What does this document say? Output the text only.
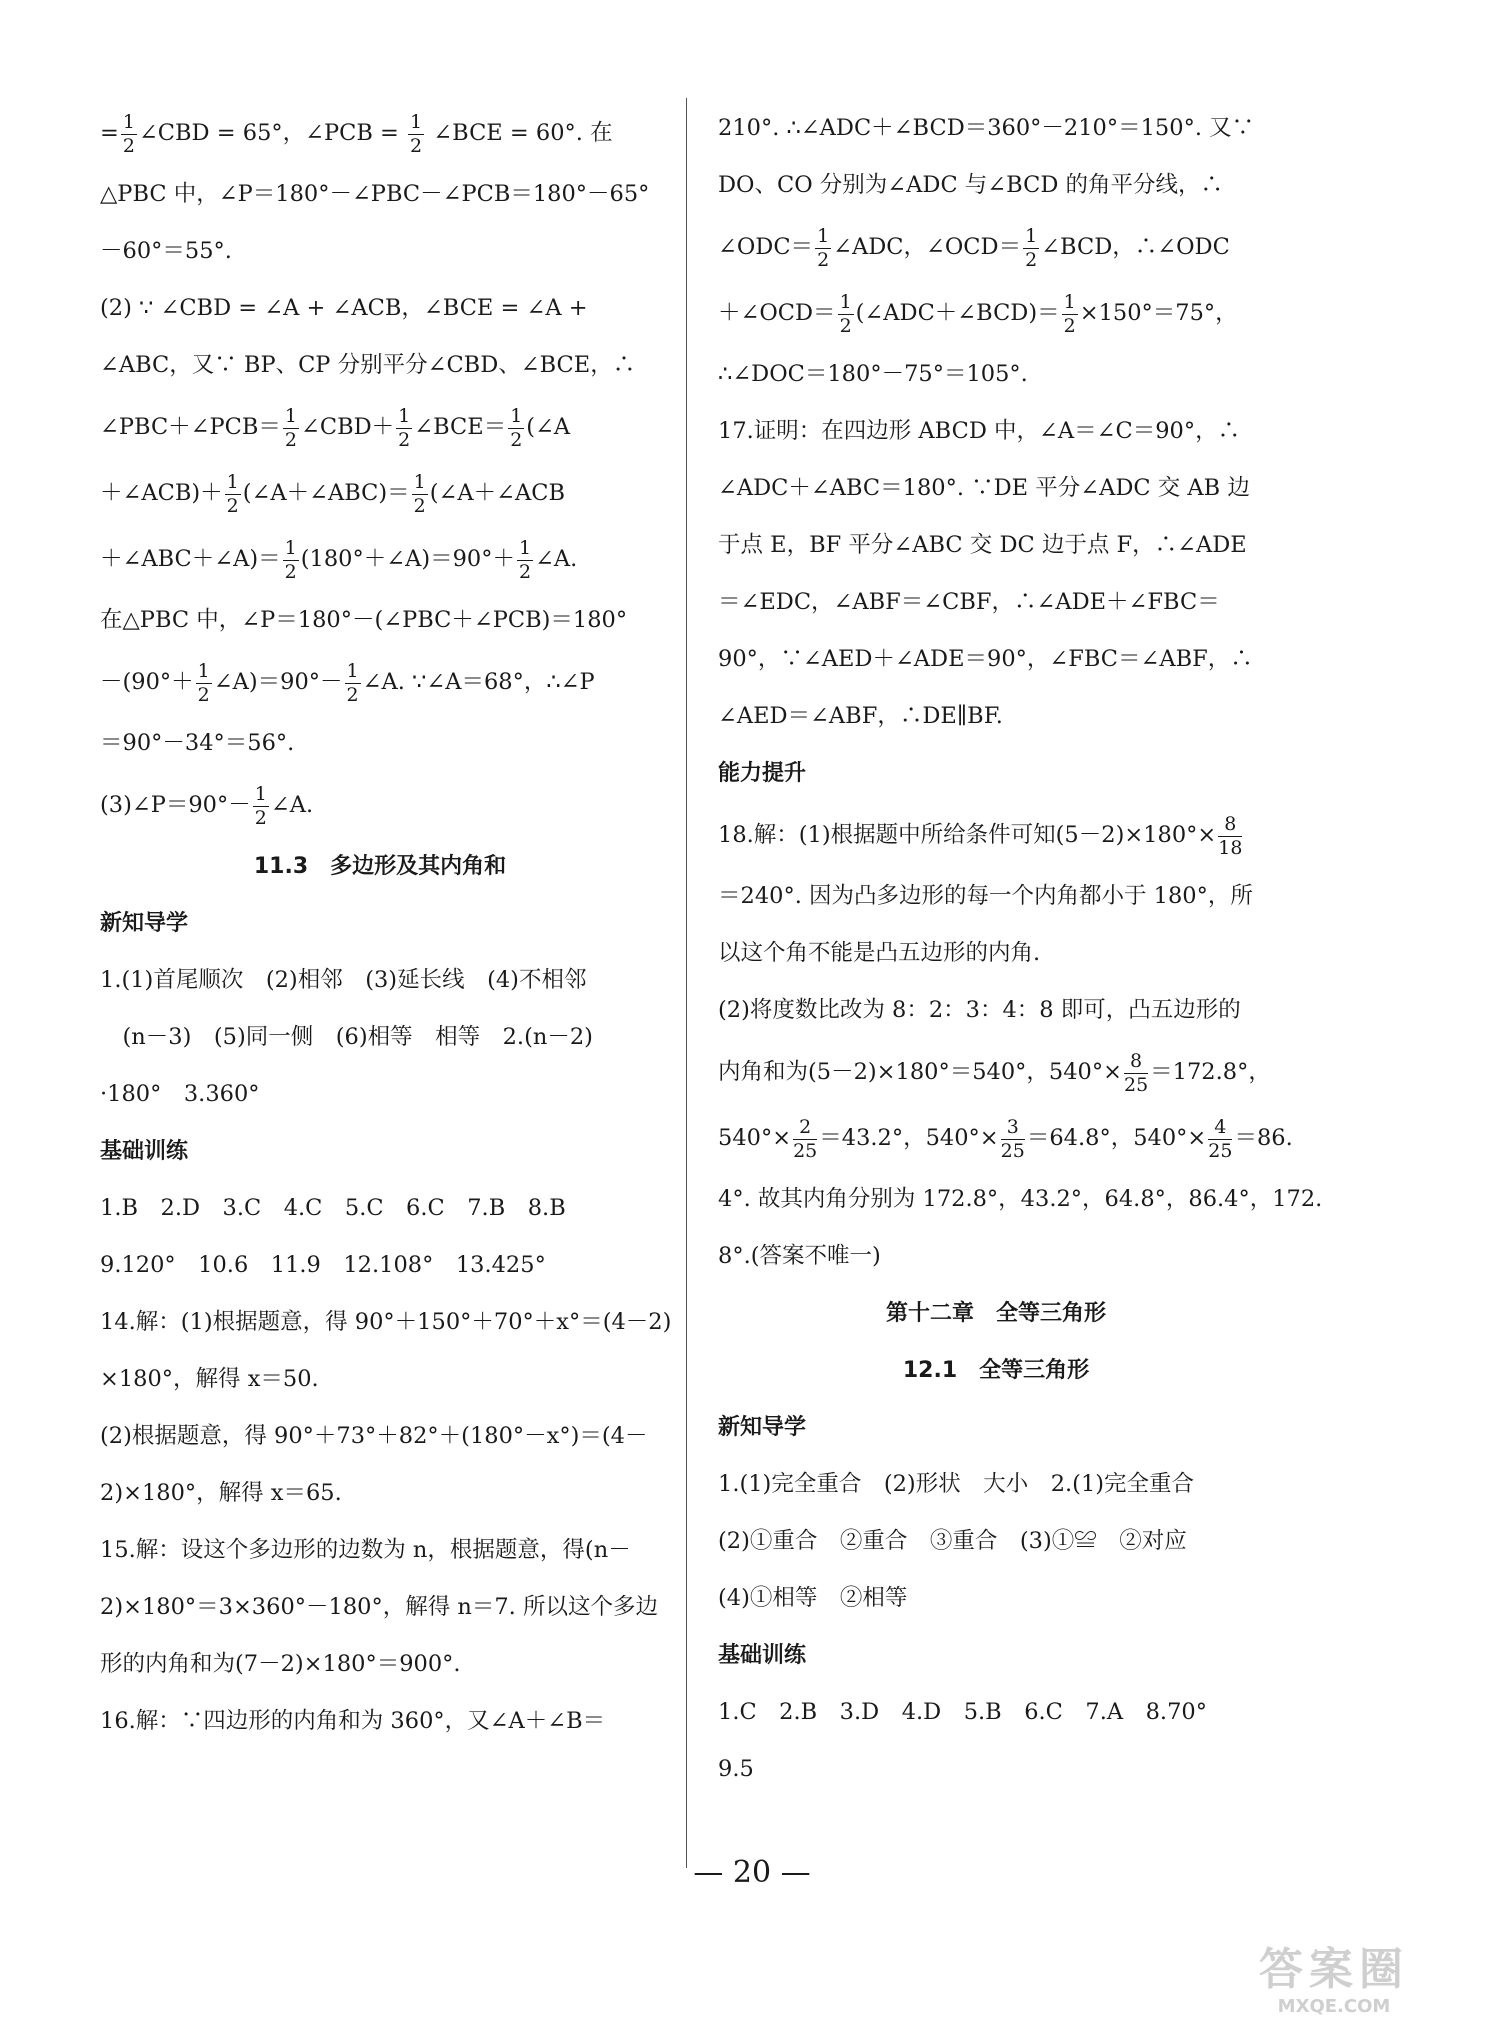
= $\frac{1}{2}$ ∠CBD = 65°，∠PCB = $\frac{1}{2}$ ∠BCE = 60°. 在
△PBC 中，∠P＝180°－∠PBC－∠PCB＝180°－65°
－60°＝55°.
(2) ∵ ∠CBD = ∠A + ∠ACB，∠BCE = ∠A +
∠ABC，又∵ BP、CP 分别平分∠CBD、∠BCE，∴
∠PBC＋∠PCB＝ $\frac{1}{2}$ ∠CBD＋ $\frac{1}{2}$ ∠BCE＝ $\frac{1}{2}$ (∠A
＋∠ACB)＋ $\frac{1}{2}$ (∠A＋∠ABC)＝ $\frac{1}{2}$ (∠A＋∠ACB
＋∠ABC＋∠A)＝ $\frac{1}{2}$ (180°＋∠A)＝90°＋ $\frac{1}{2}$ ∠A.
在△PBC 中，∠P＝180°－(∠PBC＋∠PCB)＝180°
$-(90^\circ+ \frac{1}{2}$ ∠A)＝90°－ $\frac{1}{2}$ ∠A. ∵∠A＝68°，∴∠P
＝90°－34°＝56°.
(3)∠P＝90°－ $\frac{1}{2}$ ∠A.
11.3　多边形及其内角和
新知导学
1.(1)首尾顺次　(2)相邻　(3)延长线　(4)不相邻
　(n－3)　(5)同一侧　(6)相等　相等　2.(n－2)
·180°　3.360°
基础训练
1.B　2.D　3.C　4.C　5.C　6.C　7.B　8.B
9.120°　10.6　11.9　12.108°　13.425°
14.解：(1)根据题意，得 90°＋150°＋70°＋x°＝(4－2)
×180°，解得 x＝50.
(2)根据题意，得 90°＋73°＋82°＋(180°－x°)＝(4－
2)×180°，解得 x＝65.
15.解：设这个多边形的边数为 n，根据题意，得(n－
2)×180°＝3×360°－180°，解得 n＝7. 所以这个多边
形的内角和为(7－2)×180°＝900°.
16.解：∵四边形的内角和为 360°，又∠A＋∠B＝
210°. ∴∠ADC＋∠BCD＝360°－210°＝150°. 又∵
DO、CO 分别为∠ADC 与∠BCD 的角平分线，∴
∠ODC＝ $\frac{1}{2}$ ∠ADC，∠OCD＝ $\frac{1}{2}$ ∠BCD，∴∠ODC
＋∠OCD＝ $\frac{1}{2}$ (∠ADC＋∠BCD)＝ $\frac{1}{2} \times 150^\circ=75^\circ$，
∴∠DOC＝180°－75°＝105°.
17.证明：在四边形 ABCD 中，∠A＝∠C＝90°，∴
∠ADC＋∠ABC＝180°. ∵DE 平分∠ADC 交 AB 边
于点 E，BF 平分∠ABC 交 DC 边于点 F，∴∠ADE
＝∠EDC，∠ABF＝∠CBF，∴∠ADE＋∠FBC＝
90°，∵∠AED＋∠ADE＝90°，∠FBC＝∠ABF，∴
∠AED＝∠ABF，∴DE∥BF.
能力提升
18.解：(1)根据题中所给条件可知$(5-2)\times 180^\circ\times \frac{8}{18}$
＝240°. 因为凸多边形的每一个内角都小于 180°，所
以这个角不能是凸五边形的内角.
(2)将度数比改为 8：2：3：4：8 即可，凸五边形的
内角和为(5－2)×180°＝540°，$540^\circ\times \frac{8}{25} =172.8^\circ$，
$540^\circ\times \frac{2}{25} =43.2^\circ$，$540^\circ\times \frac{3}{25} =64.8^\circ$，$540^\circ\times \frac{4}{25} =86$.
4°. 故其内角分别为 172.8°，43.2°，64.8°，86.4°，172.
8°.(答案不唯一)
第十二章　全等三角形
12.1　全等三角形
新知导学
1.(1)完全重合　(2)形状　大小　2.(1)完全重合
(2)①重合　②重合　③重合　(3)①≌　②对应
(4)①相等　②相等
基础训练
1.C　2.B　3.D　4.D　5.B　6.C　7.A　8.70°
9.5
— 20 —
答案圈
MXQE.COM
